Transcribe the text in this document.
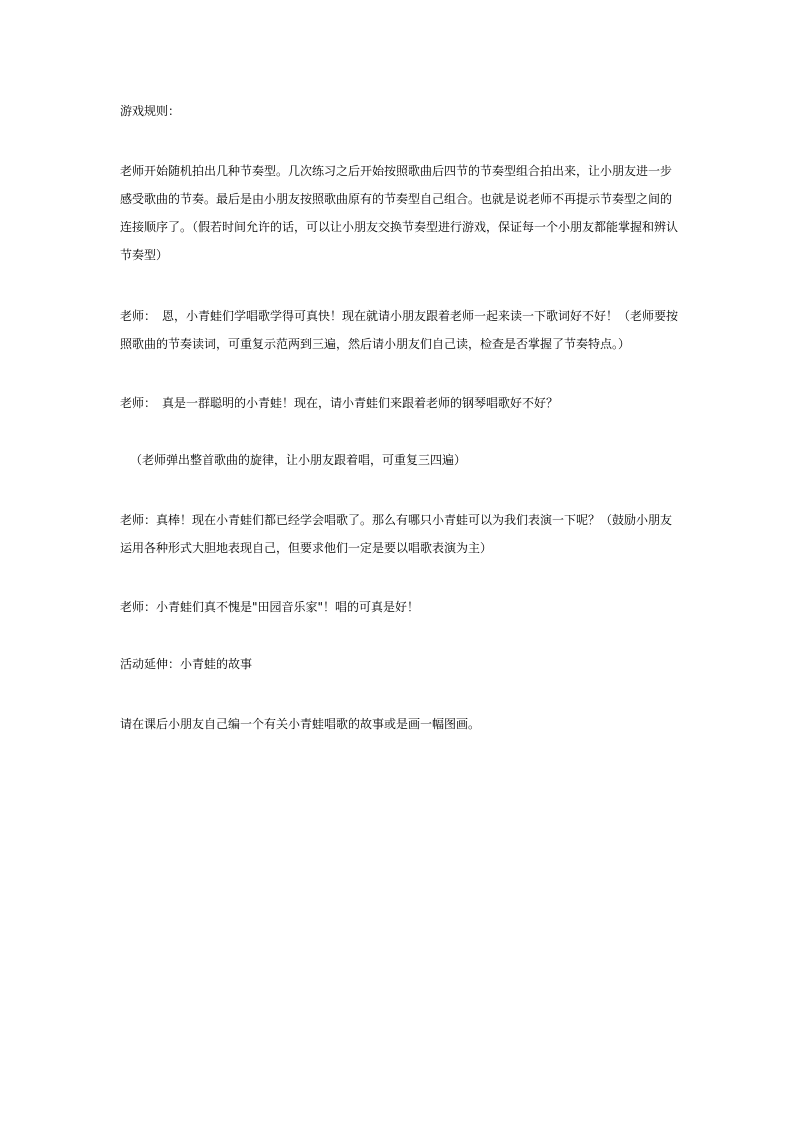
游戏规则：

老师开始随机拍出几种节奏型。几次练习之后开始按照歌曲后四节的节奏型组合拍出来，让小朋友进一步感受歌曲的节奏。最后是由小朋友按照歌曲原有的节奏型自己组合。也就是说老师不再提示节奏型之间的连接顺序了。（假若时间允许的话，可以让小朋友交换节奏型进行游戏，保证每一个小朋友都能掌握和辨认节奏型）

老师：　恩，小青蛙们学唱歌学得可真快！现在就请小朋友跟着老师一起来读一下歌词好不好！（老师要按照歌曲的节奏读词，可重复示范两到三遍，然后请小朋友们自己读，检查是否掌握了节奏特点。）

老师：　真是一群聪明的小青蛙！现在，请小青蛙们来跟着老师的钢琴唱歌好不好？

（老师弹出整首歌曲的旋律，让小朋友跟着唱，可重复三四遍）

老师：真棒！现在小青蛙们都已经学会唱歌了。那么有哪只小青蛙可以为我们表演一下呢？（鼓励小朋友运用各种形式大胆地表现自己，但要求他们一定是要以唱歌表演为主）

老师：小青蛙们真不愧是"田园音乐家"！唱的可真是好！

活动延伸：小青蛙的故事

请在课后小朋友自己编一个有关小青蛙唱歌的故事或是画一幅图画。
